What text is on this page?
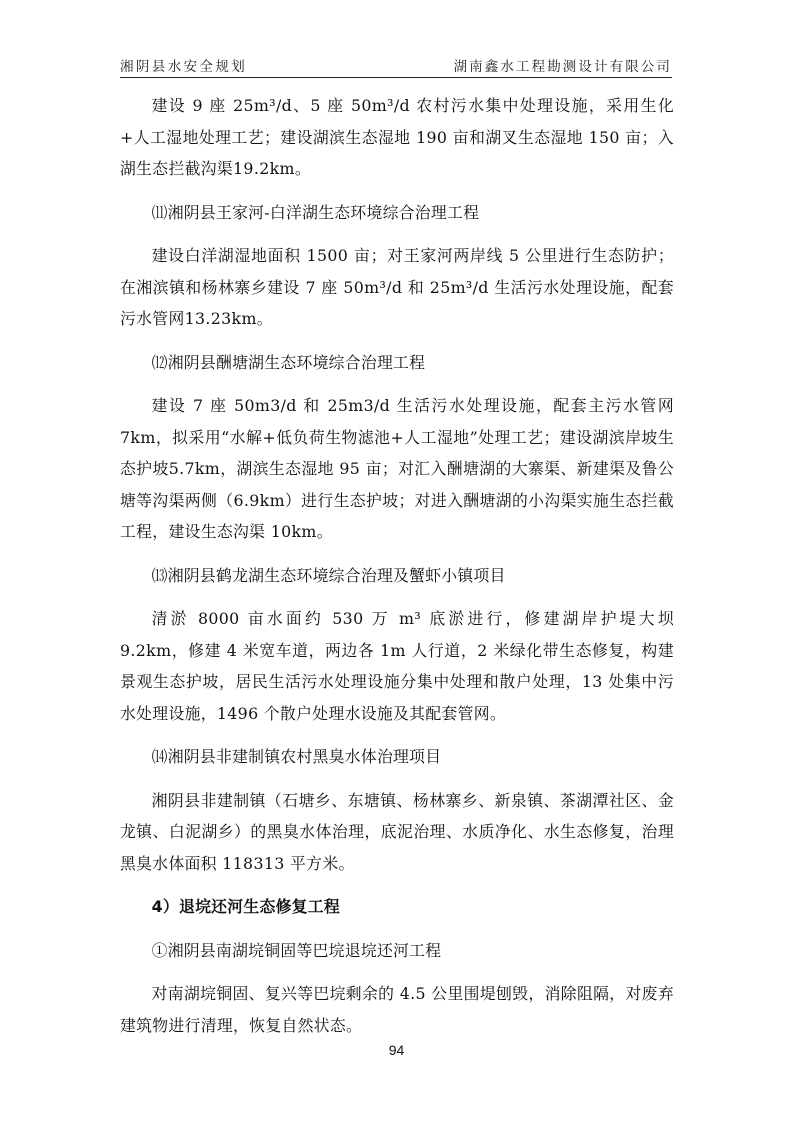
湘阴县水安全规划	湖南鑫水工程勘测设计有限公司

建设 9 座 25m³/d、5 座 50m³/d 农村污水集中处理设施，采用生化+人工湿地处理工艺；建设湖滨生态湿地 190 亩和湖叉生态湿地 150 亩；入湖生态拦截沟渠19.2km。

⑾湘阴县王家河-白洋湖生态环境综合治理工程

建设白洋湖湿地面积 1500 亩；对王家河两岸线 5 公里进行生态防护；在湘滨镇和杨林寨乡建设 7 座 50m³/d 和 25m³/d 生活污水处理设施，配套污水管网13.23km。

⑿湘阴县酬塘湖生态环境综合治理工程

建设 7 座 50m3/d 和 25m3/d 生活污水处理设施，配套主污水管网 7km，拟采用“水解+低负荷生物滤池+人工湿地”处理工艺；建设湖滨岸坡生态护坡5.7km，湖滨生态湿地 95 亩；对汇入酬塘湖的大寨渠、新建渠及鲁公塘等沟渠两侧（6.9km）进行生态护坡；对进入酬塘湖的小沟渠实施生态拦截工程，建设生态沟渠 10km。

⒀湘阴县鹤龙湖生态环境综合治理及蟹虾小镇项目

清淤 8000 亩水面约 530 万 m³ 底淤进行，修建湖岸护堤大坝 9.2km，修建 4 米宽车道，两边各 1m 人行道，2 米绿化带生态修复，构建景观生态护坡，居民生活污水处理设施分集中处理和散户处理，13 处集中污水处理设施，1496 个散户处理水设施及其配套管网。

⒁湘阴县非建制镇农村黑臭水体治理项目

湘阴县非建制镇（石塘乡、东塘镇、杨林寨乡、新泉镇、茶湖潭社区、金龙镇、白泥湖乡）的黑臭水体治理，底泥治理、水质净化、水生态修复，治理黑臭水体面积 118313 平方米。

4）退垸还河生态修复工程

①湘阴县南湖垸铜固等巴垸退垸还河工程

对南湖垸铜固、复兴等巴垸剩余的 4.5 公里围堤刨毁，消除阻隔，对废弃建筑物进行清理，恢复自然状态。

94
